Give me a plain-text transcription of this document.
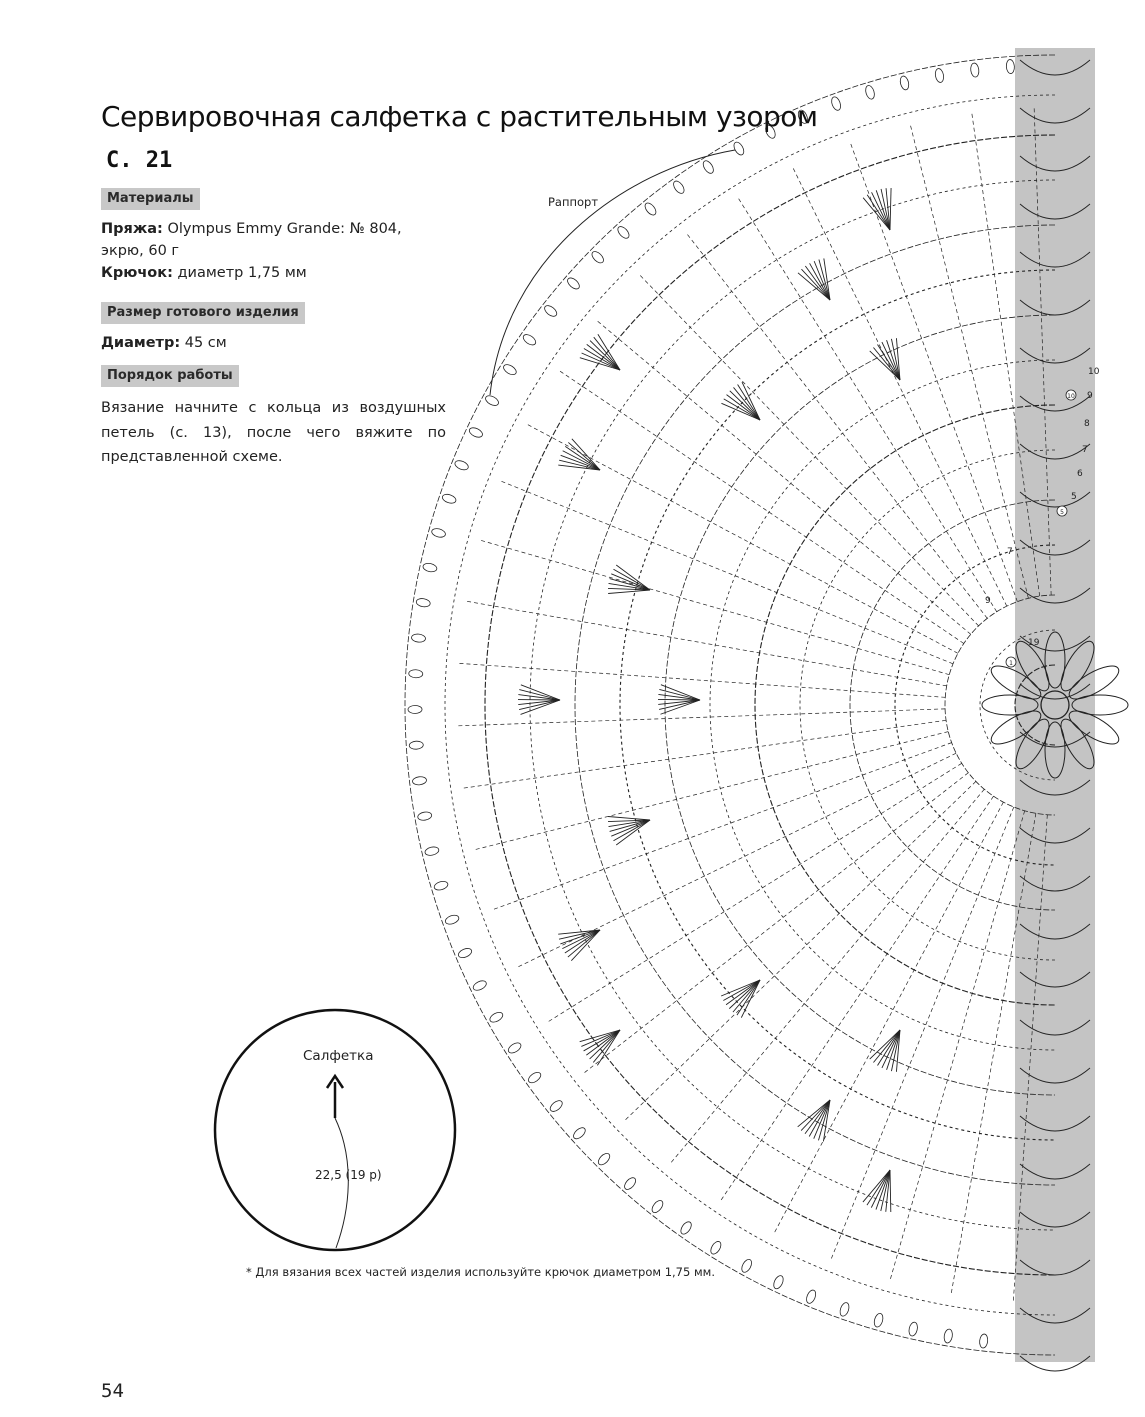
Раппорт
10
9
8
7
6
5
7
9
19
10
5
1
Сервировочная салфетка с растительным узором
С. 21
Материалы
Пряжа: Olympus Emmy Grande: № 804,
экрю, 60 г
Крючок: диаметр 1,75 мм
Размер готового изделия
Диаметр: 45 см
Порядок работы
Вязание начните с кольца из воздушных петель (с. 13), после чего вяжите по представленной схеме.
Салфетка
22,5 (19 р)
* Для вязания всех частей изделия используйте крючок диаметром 1,75 мм.
54
